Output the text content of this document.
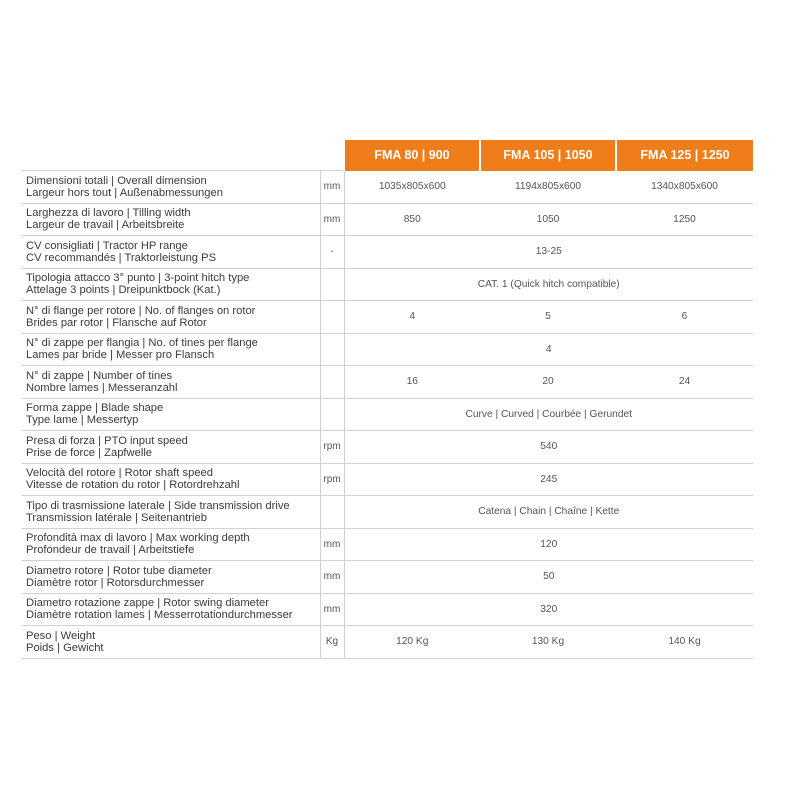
		FMA 80 | 900	FMA 105 | 1050	FMA 125 | 1250

Dimensioni totali | Overall dimension
Largeur hors tout | Außenabmessungen	mm	1035x805x600	1194x805x600	1340x805x600

Larghezza di lavoro | Tilling width
Largeur de travail | Arbeitsbreite	mm	850	1050	1250

CV consigliati | Tractor HP range
CV recommandés | Traktorleistung PS	-	13-25		

Tipologia attacco 3° punto | 3-point hitch type
Attelage 3 points | Dreipunktbock (Kat.)		CAT. 1 (Quick hitch compatible)		

N° di flange per rotore | No. of flanges on rotor
Brides par rotor | Flansche auf Rotor		4	5	6

N° di zappe per flangia | No. of tines per flange
Lames par bride | Messer pro Flansch		4		

N° di zappe | Number of tines
Nombre lames | Messeranzahl		16	20	24

Forma zappe | Blade shape
Type lame | Messertyp		Curve | Curved | Courbée | Gerundet		

Presa di forza | PTO input speed
Prise de force | Zapfwelle	rpm	540		

Velocità del rotore | Rotor shaft speed
Vitesse de rotation du rotor | Rotordrehzahl	rpm	245		

Tipo di trasmissione laterale | Side transmission drive
Transmission latérale | Seitenantrieb		Catena | Chain | Chaîne | Kette		

Profondità max di lavoro | Max working depth
Profondeur de travail | Arbeitstiefe	mm	120		

Diametro rotore | Rotor tube diameter
Diamètre rotor | Rotorsdurchmesser	mm	50		

Diametro rotazione zappe | Rotor swing diameter
Diamètre rotation lames | Messerrotationdurchmesser	mm	320		

Peso | Weight
Poids | Gewicht	Kg	120 Kg	130 Kg	140 Kg
